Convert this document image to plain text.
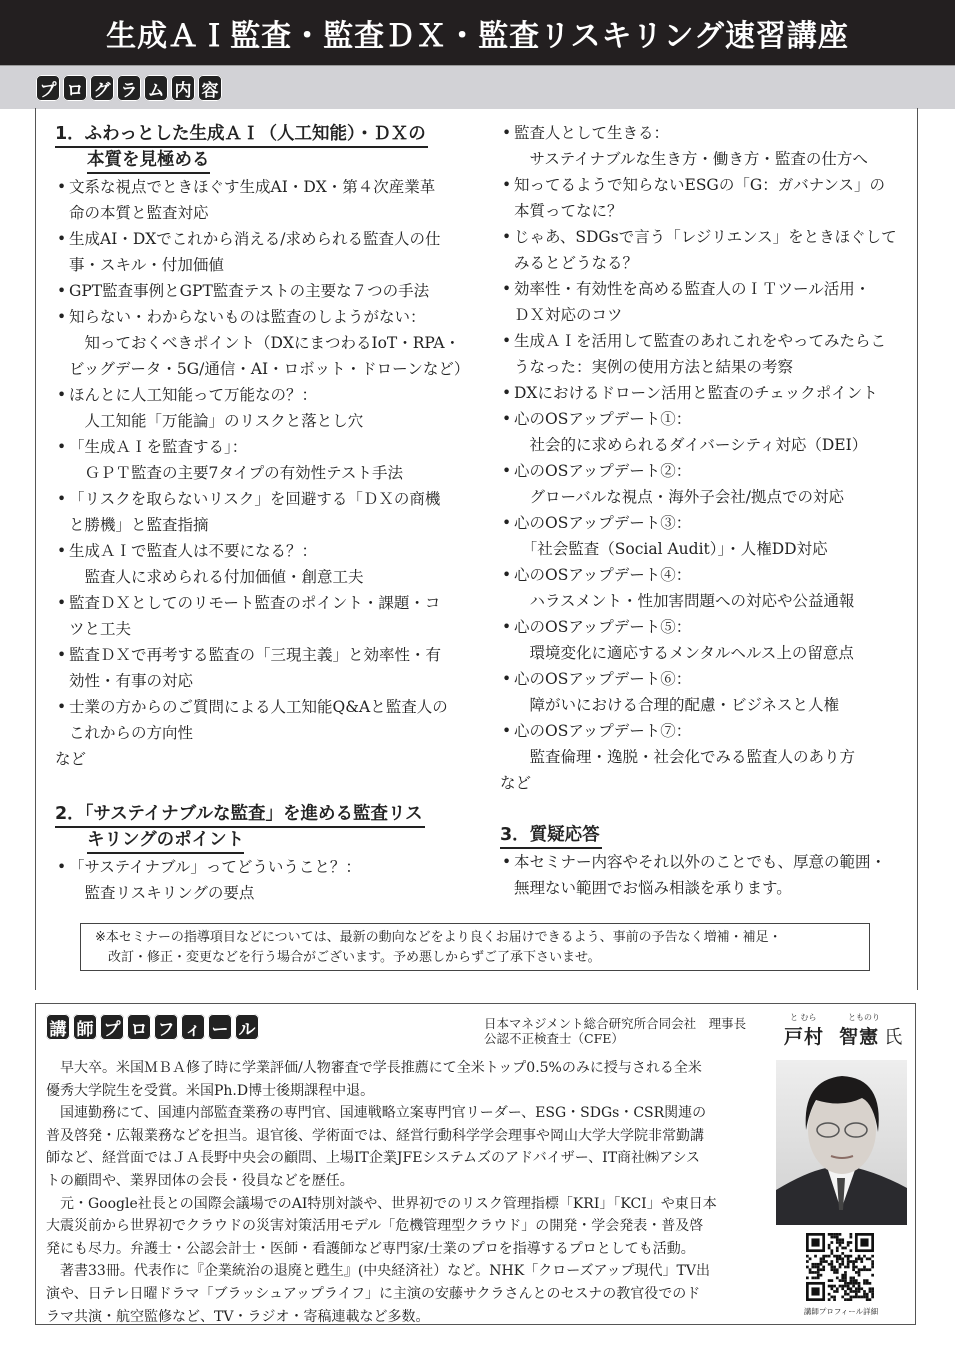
生成ＡＩ監査・監査ＤＸ・監査リスキリング速習講座
プ ロ グ ラ ム 内 容
1．ふわっとした生成ＡＩ（人工知能）・ＤＸの
本質を見極める
• 文系な視点でときほぐす生成AI・DX・第４次産業革
命の本質と監査対応
• 生成AI・DXでこれから消える/求められる監査人の仕
事・スキル・付加価値
• GPT監査事例とGPT監査テストの主要な７つの手法
• 知らない・わからないものは監査のしようがない：
　知っておくべきポイント（DXにまつわるIoT・RPA・
ビッグデータ・5G/通信・AI・ロボット・ドローンなど）
• ほんとに人工知能って万能なの？：
　人工知能「万能論」のリスクと落とし穴
• 「生成ＡＩを監査する」：
　ＧＰＴ監査の主要7タイプの有効性テスト手法
• 「リスクを取らないリスク」を回避する「ＤＸの商機
と勝機」と監査指摘
• 生成ＡＩで監査人は不要になる？：
　監査人に求められる付加価値・創意工夫
• 監査ＤＸとしてのリモート監査のポイント・課題・コ
ツと工夫
• 監査ＤＸで再考する監査の「三現主義」と効率性・有
効性・有事の対応
• 士業の方からのご質問による人工知能Q&Aと監査人の
これからの方向性
など
2．「サステイナブルな監査」を進める監査リス
キリングのポイント
• 「サステイナブル」ってどういうこと？：
　監査リスキリングの要点
• 監査人として生きる：
　サステイナブルな生き方・働き方・監査の仕方へ
• 知ってるようで知らないESGの「G：ガバナンス」の
本質ってなに？
• じゃあ、SDGsで言う「レジリエンス」をときほぐして
みるとどうなる？
• 効率性・有効性を高める監査人のＩＴツール活用・
ＤＸ対応のコツ
• 生成ＡＩを活用して監査のあれこれをやってみたらこ
うなった：実例の使用方法と結果の考察
• DXにおけるドローン活用と監査のチェックポイント
• 心のOSアップデート①：
　社会的に求められるダイバーシティ対応（DEI）
• 心のOSアップデート②：
　グローバルな視点・海外子会社/拠点での対応
• 心のOSアップデート③：
　「社会監査（Social Audit）」・人権DD対応
• 心のOSアップデート④：
　ハラスメント・性加害問題への対応や公益通報
• 心のOSアップデート⑤：
　環境変化に適応するメンタルヘルス上の留意点
• 心のOSアップデート⑥：
　障がいにおける合理的配慮・ビジネスと人権
• 心のOSアップデート⑦：
　監査倫理・逸脱・社会化でみる監査人のあり方
など
3．質疑応答
• 本セミナー内容やそれ以外のことでも、厚意の範囲・
無理ない範囲でお悩み相談を承ります。
※本セミナーの指導項目などについては、最新の動向などをより良くお届けできるよう、事前の予告なく増補・補足・
改訂・修正・変更などを行う場合がございます。予め悪しからずご了承下さいませ。
講 師 プ ロ フ ィ ー ル	日本マネジメント総合研究所合同会社　理事長
公認不正検査士（CFE）
と むら	とものり
戸村 智憲 氏
早大卒。米国ＭＢＡ修了時に学業評価/人物審査で学長推薦にて全米トップ0.5%のみに授与される全米
優秀大学院生を受賞。米国Ph.D博士後期課程中退。
国連勤務にて、国連内部監査業務の専門官、国連戦略立案専門官リーダー、ESG・SDGs・CSR関連の
普及啓発・広報業務などを担当。退官後、学術面では、経営行動科学学会理事や岡山大学大学院非常勤講
師など、経営面ではＪＡ長野中央会の顧問、上場IT企業JFEシステムズのアドバイザー、IT商社㈱アシス
トの顧問や、業界団体の会長・役員などを歴任。
元・Google社長との国際会議場でのAI特別対談や、世界初でのリスク管理指標「KRI」「KCI」や東日本
大震災前から世界初でクラウドの災害対策活用モデル「危機管理型クラウド」の開発・学会発表・普及啓
発にも尽力。弁護士・公認会計士・医師・看護師など専門家/士業のプロを指導するプロとしても活動。
著書33冊。代表作に『企業統治の退廃と甦生』(中央経済社）など。NHK「クローズアップ現代」TV出
演や、日テレ日曜ドラマ「ブラッシュアップライフ」に主演の安藤サクラさんとのセスナの教官役でのド
ラマ共演・航空監修など、TV・ラジオ・寄稿連載など多数。	講師プロフィール詳細
